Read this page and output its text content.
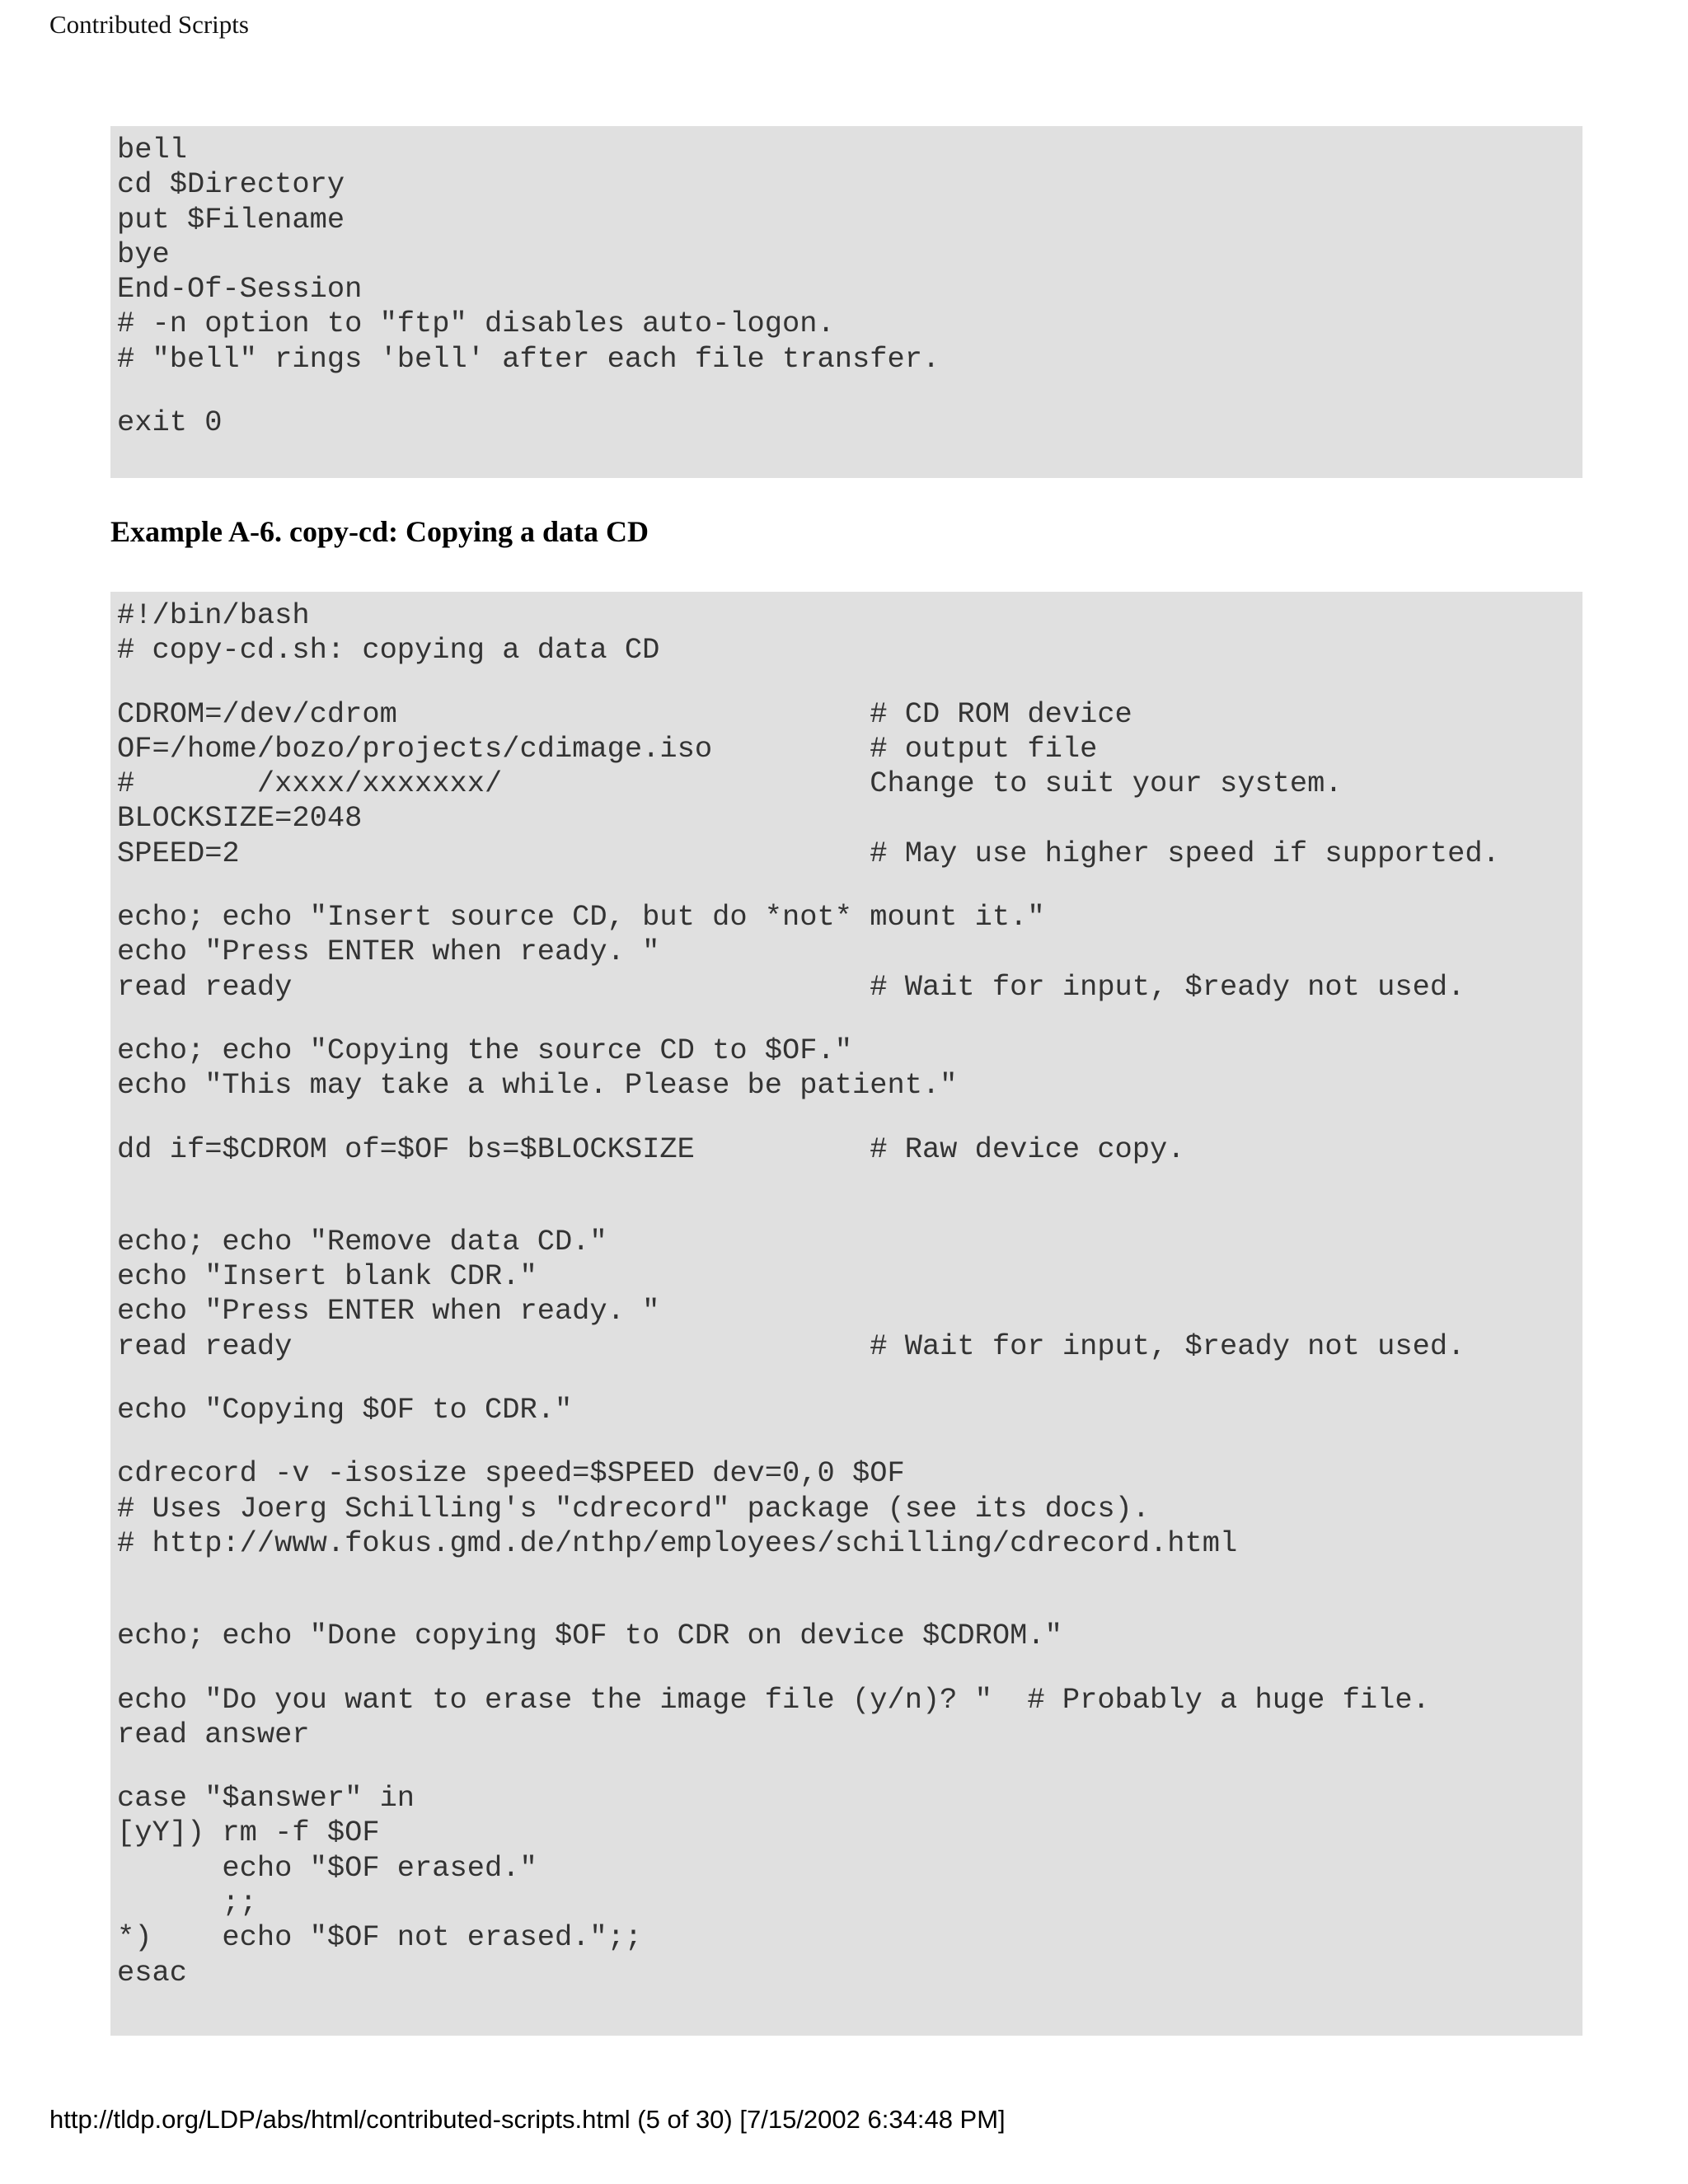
Contributed Scripts
bell
cd $Directory
put $Filename
bye
End-Of-Session
# -n option to "ftp" disables auto-logon.
# "bell" rings 'bell' after each file transfer.
exit 0
Example A-6. copy-cd: Copying a data CD
#!/bin/bash
# copy-cd.sh: copying a data CD
CDROM=/dev/cdrom                           # CD ROM device
OF=/home/bozo/projects/cdimage.iso         # output file
#       /xxxx/xxxxxxx/                     Change to suit your system.
BLOCKSIZE=2048
SPEED=2                                    # May use higher speed if supported.
echo; echo "Insert source CD, but do *not* mount it."
echo "Press ENTER when ready. "
read ready                                 # Wait for input, $ready not used.
echo; echo "Copying the source CD to $OF."
echo "This may take a while. Please be patient."
dd if=$CDROM of=$OF bs=$BLOCKSIZE          # Raw device copy.
echo; echo "Remove data CD."
echo "Insert blank CDR."
echo "Press ENTER when ready. "
read ready                                 # Wait for input, $ready not used.
echo "Copying $OF to CDR."
cdrecord -v -isosize speed=$SPEED dev=0,0 $OF
# Uses Joerg Schilling's "cdrecord" package (see its docs).
# http://www.fokus.gmd.de/nthp/employees/schilling/cdrecord.html
echo; echo "Done copying $OF to CDR on device $CDROM."
echo "Do you want to erase the image file (y/n)? "  # Probably a huge file.
read answer
case "$answer" in
[yY]) rm -f $OF
echo "$OF erased."
;;
*)    echo "$OF not erased.";;
esac
http://tldp.org/LDP/abs/html/contributed-scripts.html (5 of 30) [7/15/2002 6:34:48 PM]
